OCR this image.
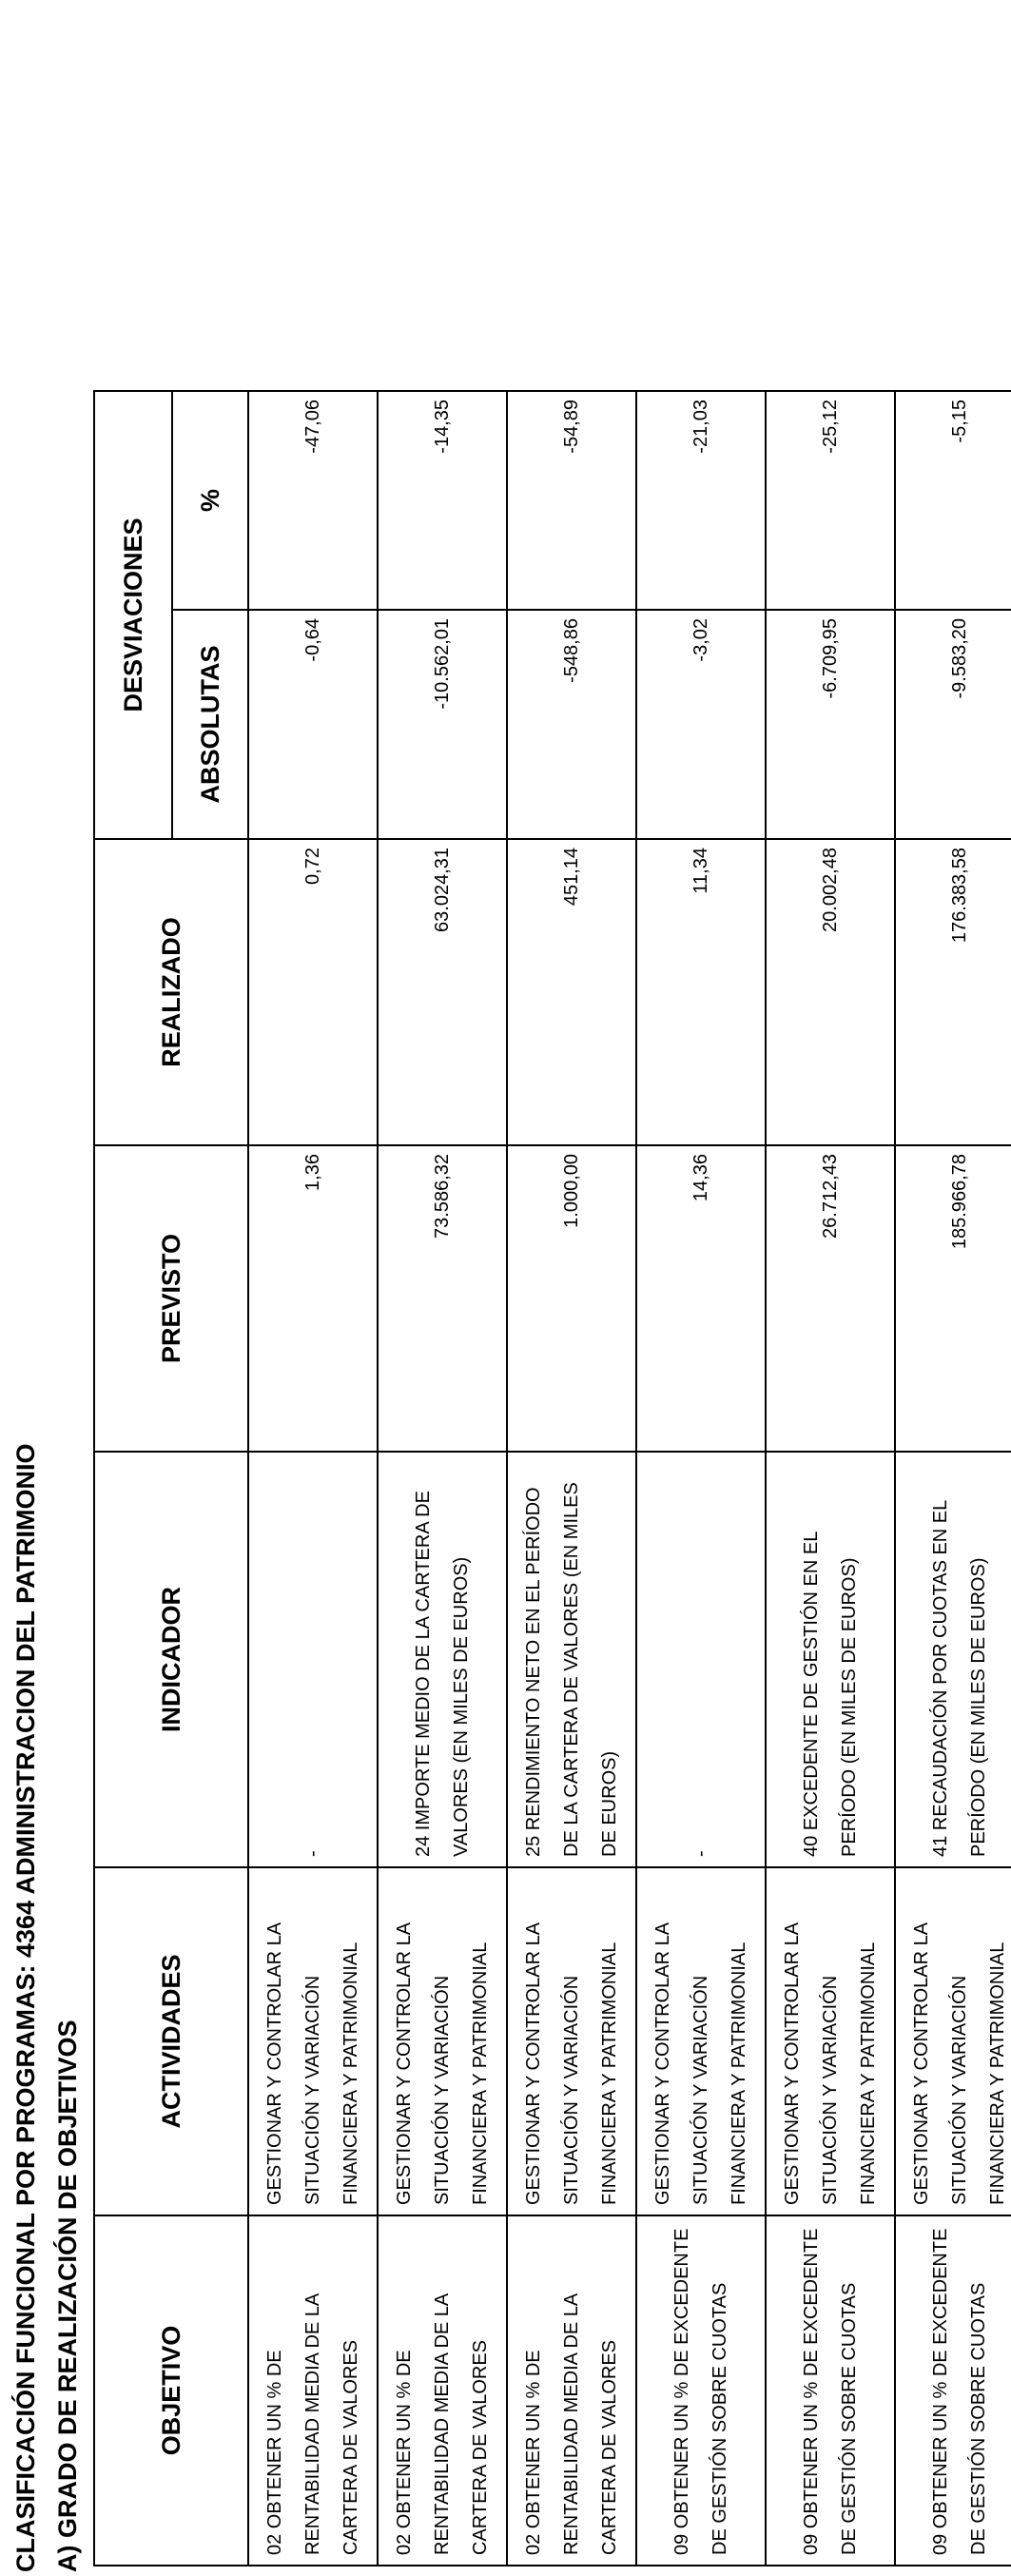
CLASIFICACIÓN FUNCIONAL POR PROGRAMAS: 4364 ADMINISTRACION DEL PATRIMONIO A) GRADO DE REALIZACIÓN DE OBJETIVOS	OBJETIVO	ACTIVIDADES	INDICADOR	PREVISTO	REALIZADO	DESVIACIONES	
					ABSOLUTAS	%
02 OBTENER UN % DE RENTABILIDAD MEDIA DE LA CARTERA DE VALORES	GESTIONAR Y CONTROLAR LA SITUACIÓN Y VARIACIÓN FINANCIERA Y PATRIMONIAL	-	1,36	0,72	-0,64	-47,06
02 OBTENER UN % DE RENTABILIDAD MEDIA DE LA CARTERA DE VALORES	GESTIONAR Y CONTROLAR LA SITUACIÓN Y VARIACIÓN FINANCIERA Y PATRIMONIAL	24 IMPORTE MEDIO DE LA CARTERA DE VALORES (EN MILES DE EUROS)	73.586,32	63.024,31	-10.562,01	-14,35
02 OBTENER UN % DE RENTABILIDAD MEDIA DE LA CARTERA DE VALORES	GESTIONAR Y CONTROLAR LA SITUACIÓN Y VARIACIÓN FINANCIERA Y PATRIMONIAL	25 RENDIMIENTO NETO EN EL PERÍODO DE LA CARTERA DE VALORES (EN MILES DE EUROS)	1.000,00	451,14	-548,86	-54,89
09 OBTENER UN % DE EXCEDENTE DE GESTIÓN SOBRE CUOTAS	GESTIONAR Y CONTROLAR LA SITUACIÓN Y VARIACIÓN FINANCIERA Y PATRIMONIAL	-	14,36	11,34	-3,02	-21,03
09 OBTENER UN % DE EXCEDENTE DE GESTIÓN SOBRE CUOTAS	GESTIONAR Y CONTROLAR LA SITUACIÓN Y VARIACIÓN FINANCIERA Y PATRIMONIAL	40 EXCEDENTE DE GESTIÓN EN EL PERÍODO (EN MILES DE EUROS)	26.712,43	20.002,48	-6.709,95	-25,12
09 OBTENER UN % DE EXCEDENTE DE GESTIÓN SOBRE CUOTAS	GESTIONAR Y CONTROLAR LA SITUACIÓN Y VARIACIÓN FINANCIERA Y PATRIMONIAL	41 RECAUDACIÓN POR CUOTAS EN EL PERÍODO (EN MILES DE EUROS)	185.966,78	176.383,58	-9.583,20	-5,15
